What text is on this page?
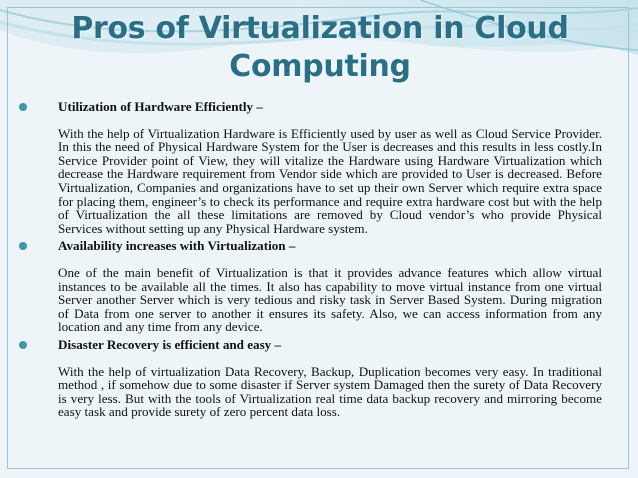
Pros of Virtualization in Cloud Computing
Utilization of Hardware Efficiently –
With the help of Virtualization Hardware is Efficiently used by user as well as Cloud Service Provider. In this the need of Physical Hardware System for the User is decreases and this results in less costly.In Service Provider point of View, they will vitalize the Hardware using Hardware Virtualization which decrease the Hardware requirement from Vendor side which are provided to User is decreased. Before Virtualization, Companies and organizations have to set up their own Server which require extra space for placing them, engineer’s to check its performance and require extra hardware cost but with the help of Virtualization the all these limitations are removed by Cloud vendor’s who provide Physical Services without setting up any Physical Hardware system.
Availability increases with Virtualization –
One of the main benefit of Virtualization is that it provides advance features which allow virtual instances to be available all the times. It also has capability to move virtual instance from one virtual Server another Server which is very tedious and risky task in Server Based System. During migration of Data from one server to another it ensures its safety. Also, we can access information from any location and any time from any device.
Disaster Recovery is efficient and easy –
With the help of virtualization Data Recovery, Backup, Duplication becomes very easy. In traditional method , if somehow due to some disaster if Server system Damaged then the surety of Data Recovery is very less. But with the tools of Virtualization real time data backup recovery and mirroring become easy task and provide surety of zero percent data loss.
